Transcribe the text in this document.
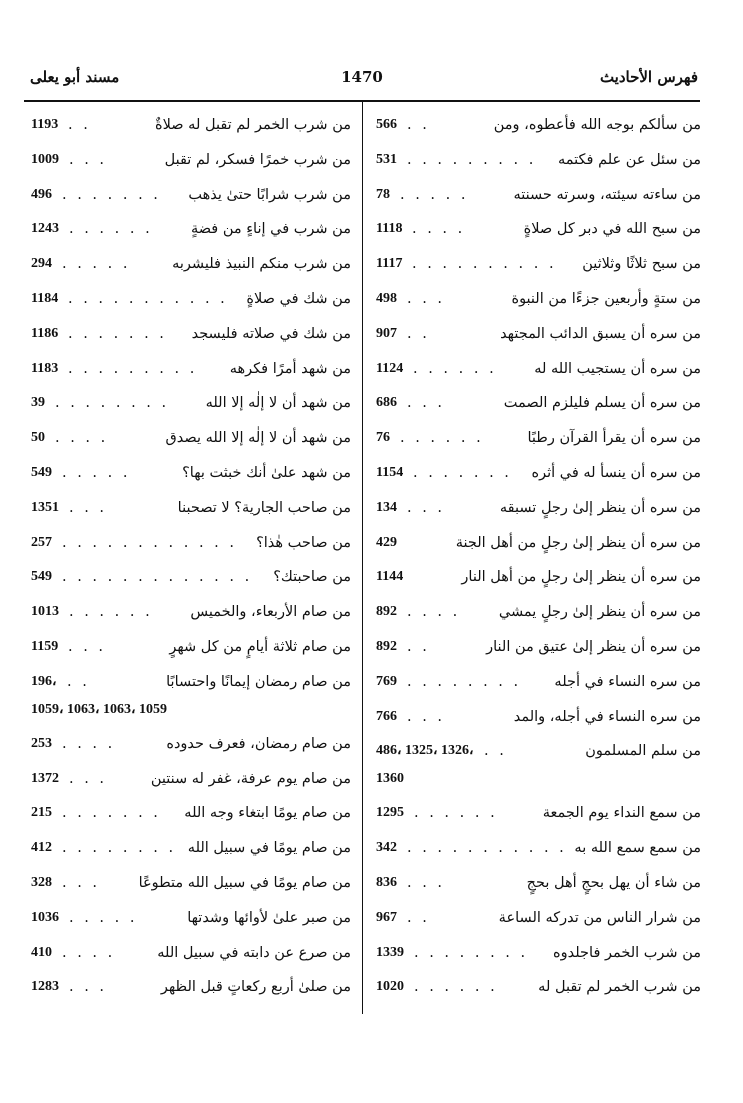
مسند أبو يعلى	1470	فهرس الأحاديث
من سألكم بوجه الله فأعطوه، ومن
. .
566
من سئل عن علم فكتمه
. . . . . . . . .
531
من ساءته سيئته، وسرته حسنته
. . . . .
78
من سبح الله في دبر كل صلاةٍ
. . . .
1118
من سبح ثلاثًا وثلاثين
. . . . . . . . . .
1117
من ستةٍ وأربعين جزءًا من النبوة
. . .
498
من سره أن يسبق الدائب المجتهد
. .
907
من سره أن يستجيب الله له
. . . . . .
1124
من سره أن يسلم فليلزم الصمت
. . .
686
من سره أن يقرأ القرآن رطبًا
. . . . . .
76
من سره أن ينسأ له في أثره
. . . . . . .
1154
من سره أن ينظر إلىٰ رجلٍ تسبقه
. . .
134
من سره أن ينظر إلىٰ رجلٍ من أهل الجنة
429
من سره أن ينظر إلىٰ رجلٍ من أهل النار
1144
من سره أن ينظر إلىٰ رجلٍ يمشي
. . . .
892
من سره أن ينظر إلىٰ عتيق من النار
. .
892
من سره النساء في أجله
. . . . . . . .
769
من سره النساء في أجله، والمد
. . .
766
من سلم المسلمون
. .
486، 1325، 1326،
1360
من سمع النداء يوم الجمعة
. . . . . .
1295
من سمع سمع الله به
. . . . . . . . . . .
342
من شاء أن يهل بحجٍ أهل بحجٍ
. . .
836
من شرار الناس من تدركه الساعة
. .
967
من شرب الخمر فاجلدوه
. . . . . . . .
1339
من شرب الخمر لم تقبل له
. . . . . .
1020
من شرب الخمر لم تقبل له صلاةٌ
. .
1193
من شرب خمرًا فسكر، لم تقبل
. . .
1009
من شرب شرابًا حتىٰ يذهب
. . . . . . .
496
من شرب في إناءٍ من فضةٍ
. . . . . .
1243
من شرب منكم النبيذ فليشربه
. . . . .
294
من شك في صلاةٍ
. . . . . . . . . . .
1184
من شك في صلاته فليسجد
. . . . . . .
1186
من شهد أمرًا فكرهه
. . . . . . . . .
1183
من شهد أن لا إلٰه إلا الله
. . . . . . . .
39
من شهد أن لا إلٰه إلا الله يصدق
. . . .
50
من شهد علىٰ أنك خبثت بها؟
. . . . .
549
من صاحب الجارية؟ لا تصحبنا
. . .
1351
من صاحب هٰذا؟
. . . . . . . . . . . .
257
من صاحبتك؟
. . . . . . . . . . . . .
549
من صام الأربعاء، والخميس
. . . . . .
1013
من صام ثلاثة أيامٍ من كل شهرٍ
. . .
1159
من صام رمضان إيمانًا واحتسابًا
. .
196،
1059، 1063، 1063، 1059
من صام رمضان، فعرف حدوده
. . . .
253
من صام يوم عرفة، غفر له سنتين
. . .
1372
من صام يومًا ابتغاء وجه الله
. . . . . . .
215
من صام يومًا في سبيل الله
. . . . . . . .
412
من صام يومًا في سبيل الله متطوعًا
. . .
328
من صبر علىٰ لأوائها وشدتها
. . . . .
1036
من صرع عن دابته في سبيل الله
. . . .
410
من صلىٰ أربع ركعاتٍ قبل الظهر
. . .
1283
